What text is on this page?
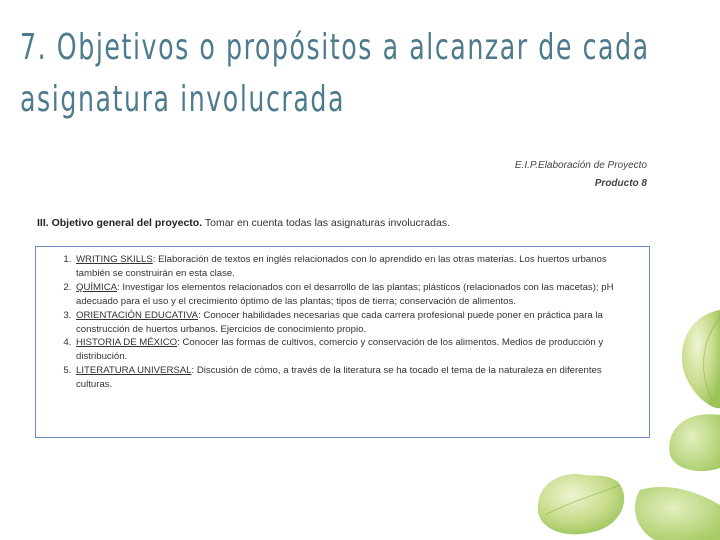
7. Objetivos o propósitos a alcanzar de cada
asignatura involucrada
E.I.P.Elaboración de Proyecto
Producto 8
III. Objetivo general del proyecto. Tomar en cuenta todas las asignaturas involucradas.
1. WRITING SKILLS: Elaboración de textos en inglés relacionados con lo aprendido en las otras materias. Los huertos urbanos también se construirán en esta clase.
2. QUÍMICA: Investigar los elementos relacionados con el desarrollo de las plantas; plásticos (relacionados con las macetas); pH adecuado para el uso y el crecimiento óptimo de las plantas; tipos de tierra; conservación de alimentos.
3. ORIENTACIÓN EDUCATIVA: Conocer habilidades necesarias que cada carrera profesional puede poner en práctica para la construcción de huertos urbanos. Ejercicios de conocimiento propio.
4. HISTORIA DE MÉXICO: Conocer las formas de cultivos, comercio y conservación de los alimentos. Medios de producción y distribución.
5. LITERATURA UNIVERSAL: Discusión de cómo, a través de la literatura se ha tocado el tema de la naturaleza en diferentes culturas.
